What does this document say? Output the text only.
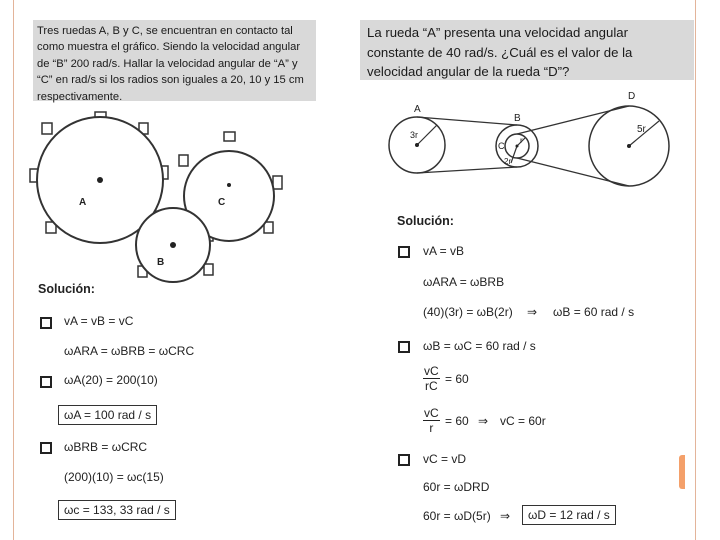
Tres ruedas A, B y C, se encuentran en contacto tal como muestra el gráfico. Siendo la velocidad angular de “B” 200 rad/s. Hallar la velocidad angular de “A” y “C” en rad/s si los radios son iguales a 20, 10 y 15 cm respectivamente.
La rueda “A” presenta una velocidad angular constante de 40 rad/s. ¿Cuál es el valor de la velocidad angular de la rueda “D”?
A	C
B
A
B
C
D
3r
2r
r
5r
Solución:
vA = vB = vC
ωARA = ωBRB = ωCRC
ωA(20) = 200(10)
ωA = 100 rad / s
ωBRB = ωCRC
(200)(10) = ωc(15)
ωc = 133, 33 rad / s
Solución:
vA = vB
ωARA = ωBRB
(40)(3r) = ωB(2r) ⇒ ωB = 60 rad / s
ωB = ωC = 60 rad / s
$\frac{vC}{rC} = 60$
$\frac{vC}{r} = 60$ ⇒ vC = 60r
vC = vD
60r = ωDRD
60r = ωD(5r) ⇒	ωD = 12 rad / s
